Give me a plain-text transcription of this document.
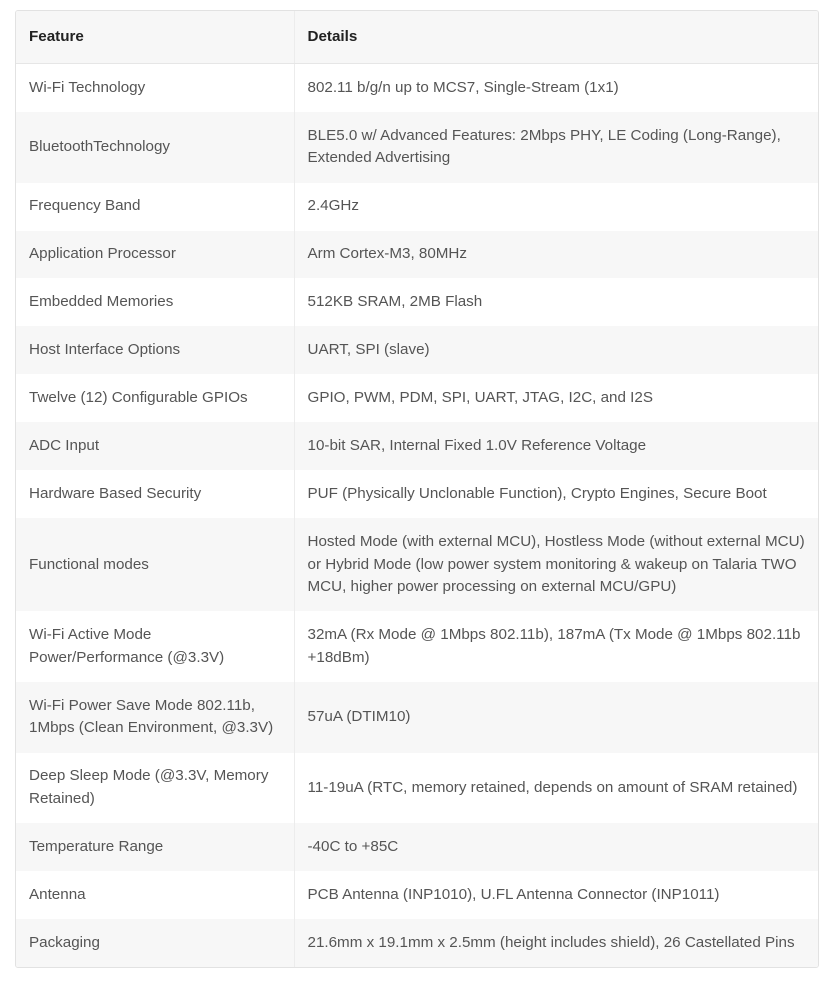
Feature	Details
Wi-Fi Technology	802.11 b/g/n up to MCS7, Single-Stream (1x1)
BluetoothTechnology	BLE5.0 w/ Advanced Features: 2Mbps PHY, LE Coding (Long-Range), Extended Advertising
Frequency Band	2.4GHz
Application Processor	Arm Cortex-M3, 80MHz
Embedded Memories	512KB SRAM, 2MB Flash
Host Interface Options	UART, SPI (slave)
Twelve (12) Configurable GPIOs	GPIO, PWM, PDM, SPI, UART, JTAG, I2C, and I2S
ADC Input	10-bit SAR, Internal Fixed 1.0V Reference Voltage
Hardware Based Security	PUF (Physically Unclonable Function), Crypto Engines, Secure Boot
Functional modes	Hosted Mode (with external MCU), Hostless Mode (without external MCU) or Hybrid Mode (low power system monitoring & wakeup on Talaria TWO MCU, higher power processing on external MCU/GPU)
Wi-Fi Active Mode Power/Performance (@3.3V)	32mA (Rx Mode @ 1Mbps 802.11b), 187mA (Tx Mode @ 1Mbps 802.11b +18dBm)
Wi-Fi Power Save Mode 802.11b, 1Mbps (Clean Environment, @3.3V)	57uA (DTIM10)
Deep Sleep Mode (@3.3V, Memory Retained)	11-19uA (RTC, memory retained, depends on amount of SRAM retained)
Temperature Range	-40C to +85C
Antenna	PCB Antenna (INP1010), U.FL Antenna Connector (INP1011)
Packaging	21.6mm x 19.1mm x 2.5mm (height includes shield), 26 Castellated Pins
